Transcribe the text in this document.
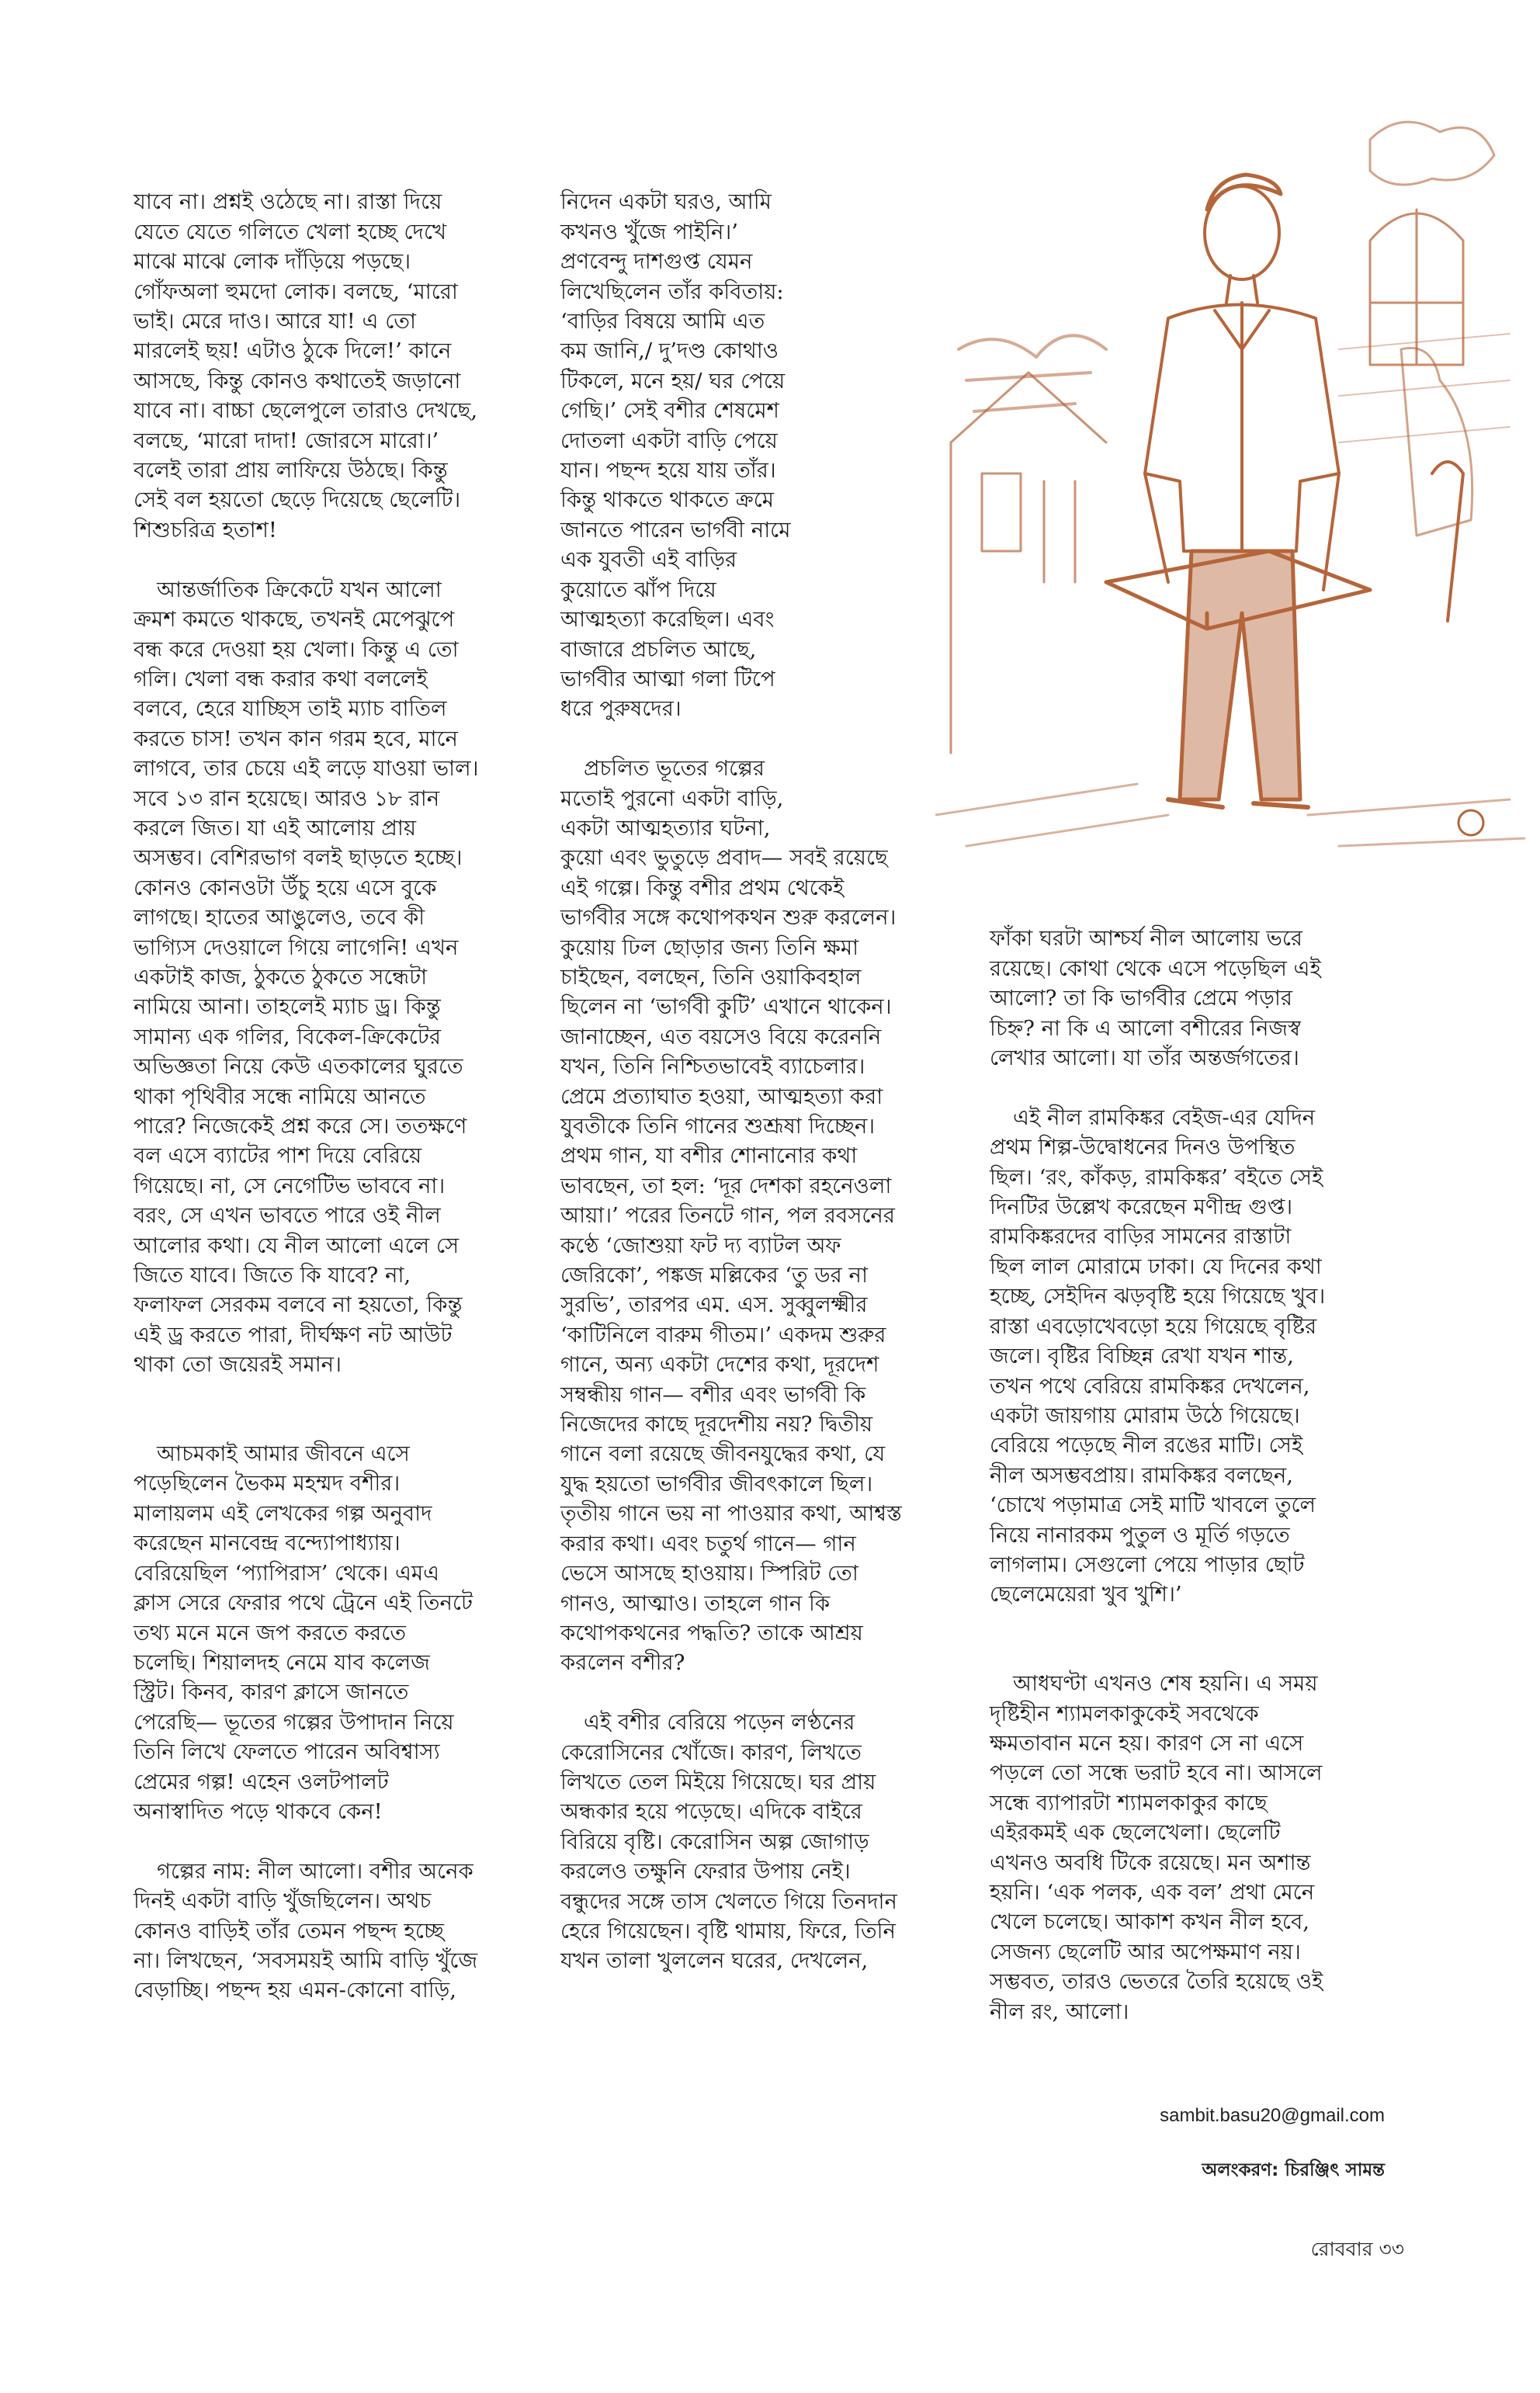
যাবে না। প্রশ্নই ওঠেছে না। রাস্তা দিয়ে
যেতে যেতে গলিতে খেলা হচ্ছে দেখে
মাঝে মাঝে লোক দাঁড়িয়ে পড়ছে।
গোঁফঅলা হুমদো লোক। বলছে, ‘মারো
ভাই। মেরে দাও। আরে যা! এ তো
মারলেই ছয়! এটাও ঠুকে দিলে!’ কানে
আসছে, কিন্তু কোনও কথাতেই জড়ানো
যাবে না। বাচ্চা ছেলেপুলে তারাও দেখছে,
বলছে, ‘মারো দাদা! জোরসে মারো।’
বলেই তারা প্রায় লাফিয়ে উঠছে। কিন্তু
সেই বল হয়তো ছেড়ে দিয়েছে ছেলেটি।
শিশুচরিত্র হতাশ!

আন্তর্জাতিক ক্রিকেটে যখন আলো
ক্রমশ কমতে থাকছে, তখনই মেপেঝুপে
বন্ধ করে দেওয়া হয় খেলা। কিন্তু এ তো
গলি। খেলা বন্ধ করার কথা বললেই
বলবে, হেরে যাচ্ছিস তাই ম্যাচ বাতিল
করতে চাস! তখন কান গরম হবে, মানে
লাগবে, তার চেয়ে এই লড়ে যাওয়া ভাল।
সবে ১৩ রান হয়েছে। আরও ১৮ রান
করলে জিত। যা এই আলোয় প্রায়
অসম্ভব। বেশিরভাগ বলই ছাড়তে হচ্ছে।
কোনও কোনওটা উঁচু হয়ে এসে বুকে
লাগছে। হাতের আঙুলেও, তবে কী
ভাগ্যিস দেওয়ালে গিয়ে লাগেনি! এখন
একটাই কাজ, ঠুকতে ঠুকতে সন্ধেটা
নামিয়ে আনা। তাহলেই ম্যাচ ড্র। কিন্তু
সামান্য এক গলির, বিকেল-ক্রিকেটের
অভিজ্ঞতা নিয়ে কেউ এতকালের ঘুরতে
থাকা পৃথিবীর সন্ধে নামিয়ে আনতে
পারে? নিজেকেই প্রশ্ন করে সে। ততক্ষণে
বল এসে ব্যাটের পাশ দিয়ে বেরিয়ে
গিয়েছে। না, সে নেগেটিভ ভাববে না।
বরং, সে এখন ভাবতে পারে ওই নীল
আলোর কথা। যে নীল আলো এলে সে
জিতে যাবে। জিতে কি যাবে? না,
ফলাফল সেরকম বলবে না হয়তো, কিন্তু
এই ড্র করতে পারা, দীর্ঘক্ষণ নট আউট
থাকা তো জয়েরই সমান।

আচমকাই আমার জীবনে এসে
পড়েছিলেন ভৈকম মহম্মদ বশীর।
মালায়লম এই লেখকের গল্প অনুবাদ
করেছেন মানবেন্দ্র বন্দ্যোপাধ্যায়।
বেরিয়েছিল ‘প্যাপিরাস’ থেকে। এমএ
ক্লাস সেরে ফেরার পথে ট্রেনে এই তিনটে
তথ্য মনে মনে জপ করতে করতে
চলেছি। শিয়ালদহ নেমে যাব কলেজ
স্ট্রিট। কিনব, কারণ ক্লাসে জানতে
পেরেছি— ভূতের গল্পের উপাদান নিয়ে
তিনি লিখে ফেলতে পারেন অবিশ্বাস্য
প্রেমের গল্প! এহেন ওলটপালট
অনাস্বাদিত পড়ে থাকবে কেন!

গল্পের নাম: নীল আলো। বশীর অনেক
দিনই একটা বাড়ি খুঁজছিলেন। অথচ
কোনও বাড়িই তাঁর তেমন পছন্দ হচ্ছে
না। লিখছেন, ‘সবসময়ই আমি বাড়ি খুঁজে
বেড়াচ্ছি। পছন্দ হয় এমন-কোনো বাড়ি,

নিদেন একটা ঘরও, আমি
কখনও খুঁজে পাইনি।’
প্রণবেন্দু দাশগুপ্ত যেমন
লিখেছিলেন তাঁর কবিতায়:
‘বাড়ির বিষয়ে আমি এত
কম জানি,/ দু’দণ্ড কোথাও
টিকলে, মনে হয়/ ঘর পেয়ে
গেছি।’ সেই বশীর শেষমেশ
দোতলা একটা বাড়ি পেয়ে
যান। পছন্দ হয়ে যায় তাঁর।
কিন্তু থাকতে থাকতে ক্রমে
জানতে পারেন ভার্গবী নামে
এক যুবতী এই বাড়ির
কুয়োতে ঝাঁপ দিয়ে
আত্মহত্যা করেছিল। এবং
বাজারে প্রচলিত আছে,
ভার্গবীর আত্মা গলা টিপে
ধরে পুরুষদের।

প্রচলিত ভূতের গল্পের
মতোই পুরনো একটা বাড়ি,
একটা আত্মহত্যার ঘটনা,
কুয়ো এবং ভুতুড়ে প্রবাদ— সবই রয়েছে
এই গল্পে। কিন্তু বশীর প্রথম থেকেই
ভার্গবীর সঙ্গে কথোপকথন শুরু করলেন।
কুয়োয় ঢিল ছোড়ার জন্য তিনি ক্ষমা
চাইছেন, বলছেন, তিনি ওয়াকিবহাল
ছিলেন না ‘ভার্গবী কুটি’ এখানে থাকেন।
জানাচ্ছেন, এত বয়সেও বিয়ে করেননি
যখন, তিনি নিশ্চিতভাবেই ব্যাচেলার।
প্রেমে প্রত্যাঘাত হওয়া, আত্মহত্যা করা
যুবতীকে তিনি গানের শুশ্রূষা দিচ্ছেন।
প্রথম গান, যা বশীর শোনানোর কথা
ভাবছেন, তা হল: ‘দূর দেশকা রহনেওলা
আয়া।’ পরের তিনটে গান, পল রবসনের
কণ্ঠে ‘জোশুয়া ফট দ্য ব্যাটল অফ
জেরিকো’, পঙ্কজ মল্লিকের ‘তু ডর না
সুরভি’, তারপর এম. এস. সুব্বুলক্ষ্মীর
‘কাটিনিলে বারুম গীতম।’ একদম শুরুর
গানে, অন্য একটা দেশের কথা, দূরদেশ
সম্বন্ধীয় গান— বশীর এবং ভার্গবী কি
নিজেদের কাছে দূরদেশীয় নয়? দ্বিতীয়
গানে বলা রয়েছে জীবনযুদ্ধের কথা, যে
যুদ্ধ হয়তো ভার্গবীর জীবৎকালে ছিল।
তৃতীয় গানে ভয় না পাওয়ার কথা, আশ্বস্ত
করার কথা। এবং চতুর্থ গানে— গান
ভেসে আসছে হাওয়ায়। স্পিরিট তো
গানও, আত্মাও। তাহলে গান কি
কথোপকথনের পদ্ধতি? তাকে আশ্রয়
করলেন বশীর?

এই বশীর বেরিয়ে পড়েন লণ্ঠনের
কেরোসিনের খোঁজে। কারণ, লিখতে
লিখতে তেল মিইয়ে গিয়েছে। ঘর প্রায়
অন্ধকার হয়ে পড়েছে। এদিকে বাইরে
বিরিয়ে বৃষ্টি। কেরোসিন অল্প জোগাড়
করলেও তক্ষুনি ফেরার উপায় নেই।
বন্ধুদের সঙ্গে তাস খেলতে গিয়ে তিনদান
হেরে গিয়েছেন। বৃষ্টি থামায়, ফিরে, তিনি
যখন তালা খুললেন ঘরের, দেখলেন,

ফাঁকা ঘরটা আশ্চর্য নীল আলোয় ভরে
রয়েছে। কোথা থেকে এসে পড়েছিল এই
আলো? তা কি ভার্গবীর প্রেমে পড়ার
চিহ্ন? না কি এ আলো বশীরের নিজস্ব
লেখার আলো। যা তাঁর অন্তর্জগতের।

এই নীল রামকিঙ্কর বেইজ-এর যেদিন
প্রথম শিল্প-উদ্বোধনের দিনও উপস্থিত
ছিল। ‘রং, কাঁকড়, রামকিঙ্কর’ বইতে সেই
দিনটির উল্লেখ করেছেন মণীন্দ্র গুপ্ত।
রামকিঙ্করদের বাড়ির সামনের রাস্তাটা
ছিল লাল মোরামে ঢাকা। যে দিনের কথা
হচ্ছে, সেইদিন ঝড়বৃষ্টি হয়ে গিয়েছে খুব।
রাস্তা এবড়োখেবড়ো হয়ে গিয়েছে বৃষ্টির
জলে। বৃষ্টির বিচ্ছিন্ন রেখা যখন শান্ত,
তখন পথে বেরিয়ে রামকিঙ্কর দেখলেন,
একটা জায়গায় মোরাম উঠে গিয়েছে।
বেরিয়ে পড়েছে নীল রঙের মাটি। সেই
নীল অসম্ভবপ্রায়। রামকিঙ্কর বলছেন,
‘চোখে পড়ামাত্র সেই মাটি খাবলে তুলে
নিয়ে নানারকম পুতুল ও মূর্তি গড়তে
লাগলাম। সেগুলো পেয়ে পাড়ার ছোট
ছেলেমেয়েরা খুব খুশি।’

আধঘণ্টা এখনও শেষ হয়নি। এ সময়
দৃষ্টিহীন শ্যামলকাকুকেই সবথেকে
ক্ষমতাবান মনে হয়। কারণ সে না এসে
পড়লে তো সন্ধে ভরাট হবে না। আসলে
সন্ধে ব্যাপারটা শ্যামলকাকুর কাছে
এইরকমই এক ছেলেখেলা। ছেলেটি
এখনও অবধি টিকে রয়েছে। মন অশান্ত
হয়নি। ‘এক পলক, এক বল’ প্রথা মেনে
খেলে চলেছে। আকাশ কখন নীল হবে,
সেজন্য ছেলেটি আর অপেক্ষমাণ নয়।
সম্ভবত, তারও ভেতরে তৈরি হয়েছে ওই
নীল রং, আলো।

sambit.basu20@gmail.com
অলংকরণ: চিরঞ্জিৎ সামন্ত
রোববার ৩৩
